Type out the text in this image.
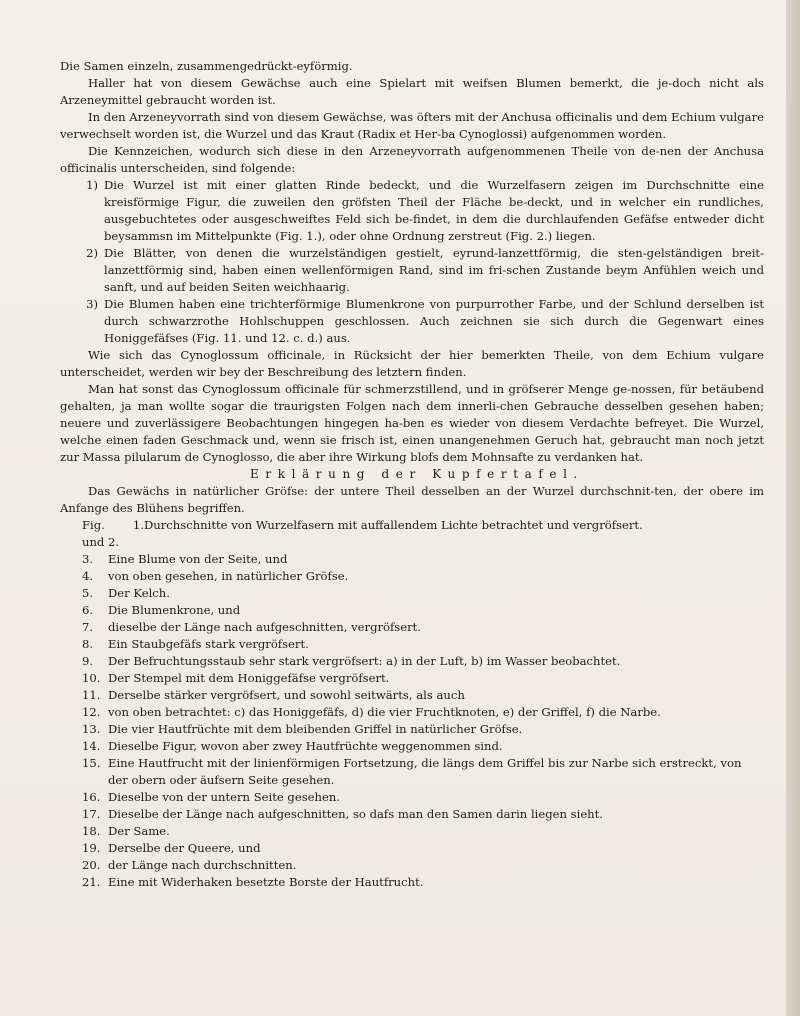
Die Samen einzeln, zusammengedrückt-eyförmig.

Haller hat von diesem Gewächse auch eine Spielart mit weifsen Blumen bemerkt, die je-doch nicht als Arzeneymittel gebraucht worden ist.

In den Arzeneyvorrath sind von diesem Gewächse, was öfters mit der Anchusa officinalis und dem Echium vulgare verwechselt worden ist, die Wurzel und das Kraut (Radix et Her-ba Cynoglossi) aufgenommen worden.

Die Kennzeichen, wodurch sich diese in den Arzeneyvorrath aufgenommenen Theile von de-nen der Anchusa officinalis unterscheiden, sind folgende:

1) Die Wurzel ist mit einer glatten Rinde bedeckt, und die Wurzelfasern zeigen im Durchschnitte eine kreisförmige Figur, die zuweilen den gröfsten Theil der Fläche be-deckt, und in welcher ein rundliches, ausgebuchtetes oder ausgeschweiftes Feld sich be-findet, in dem die durchlaufenden Gefäfse entweder dicht beysammsn im Mittelpunkte (Fig. 1.), oder ohne Ordnung zerstreut (Fig. 2.) liegen.
2) Die Blätter, von denen die wurzelständigen gestielt, eyrund-lanzettförmig, die sten-gelständigen breit-lanzettförmig sind, haben einen wellenförmigen Rand, sind im fri-schen Zustande beym Anfühlen weich und sanft, und auf beiden Seiten weichhaarig.
3) Die Blumen haben eine trichterförmige Blumenkrone von purpurrother Farbe, und der Schlund derselben ist durch schwarzrothe Hohlschuppen geschlossen. Auch zeichnen sie sich durch die Gegenwart eines Honiggefäfses (Fig. 11. und 12. c. d.) aus.

Wie sich das Cynoglossum officinale, in Rücksicht der hier bemerkten Theile, von dem Echium vulgare unterscheidet, werden wir bey der Beschreibung des letztern finden.

Man hat sonst das Cynoglossum officinale für schmerzstillend, und in gröfserer Menge ge-nossen, für betäubend gehalten, ja man wollte sogar die traurigsten Folgen nach dem innerli-chen Gebrauche desselben gesehen haben; neuere und zuverlässigere Beobachtungen hingegen ha-ben es wieder von diesem Verdachte befreyet. Die Wurzel, welche einen faden Geschmack und, wenn sie frisch ist, einen unangenehmen Geruch hat, gebraucht man noch jetzt zur Massa pilularum de Cynoglosso, die aber ihre Wirkung blofs dem Mohnsafte zu verdanken hat.

Erklärung der Kupfertafel.

Das Gewächs in natürlicher Gröfse: der untere Theil desselben an der Wurzel durchschnit-ten, der obere im Anfange des Blühens begriffen.

Fig. 1. und 2.
Durchschnitte von Wurzelfasern mit auffallendem Lichte betrachtet und vergröfsert.
3.	Eine Blume von der Seite, und
4.	von oben gesehen, in natürlicher Gröfse.
5.	Der Kelch.
6.	Die Blumenkrone, und
7.	dieselbe der Länge nach aufgeschnitten, vergröfsert.
8.	Ein Staubgefäfs stark vergröfsert.
9.	Der Befruchtungsstaub sehr stark vergröfsert: a) in der Luft, b) im Wasser beobachtet.
10. Der Stempel mit dem Honiggefäfse vergröfsert.
11. Derselbe stärker vergröfsert, und sowohl seitwärts, als auch
12. von oben betrachtet: c) das Honiggefäfs, d) die vier Fruchtknoten, e) der Griffel, f) die Narbe.
13. Die vier Hautfrüchte mit dem bleibenden Griffel in natürlicher Gröfse.
14. Dieselbe Figur, wovon aber zwey Hautfrüchte weggenommen sind.
15. Eine Hautfrucht mit der linienförmigen Fortsetzung, die längs dem Griffel bis zur Narbe sich erstreckt, von der obern oder äufsern Seite gesehen.
16. Dieselbe von der untern Seite gesehen.
17. Dieselbe der Länge nach aufgeschnitten, so dafs man den Samen darin liegen sieht.
18. Der Same.
19. Derselbe der Queere, und
20. der Länge nach durchschnitten.
21. Eine mit Widerhaken besetzte Borste der Hautfrucht.
